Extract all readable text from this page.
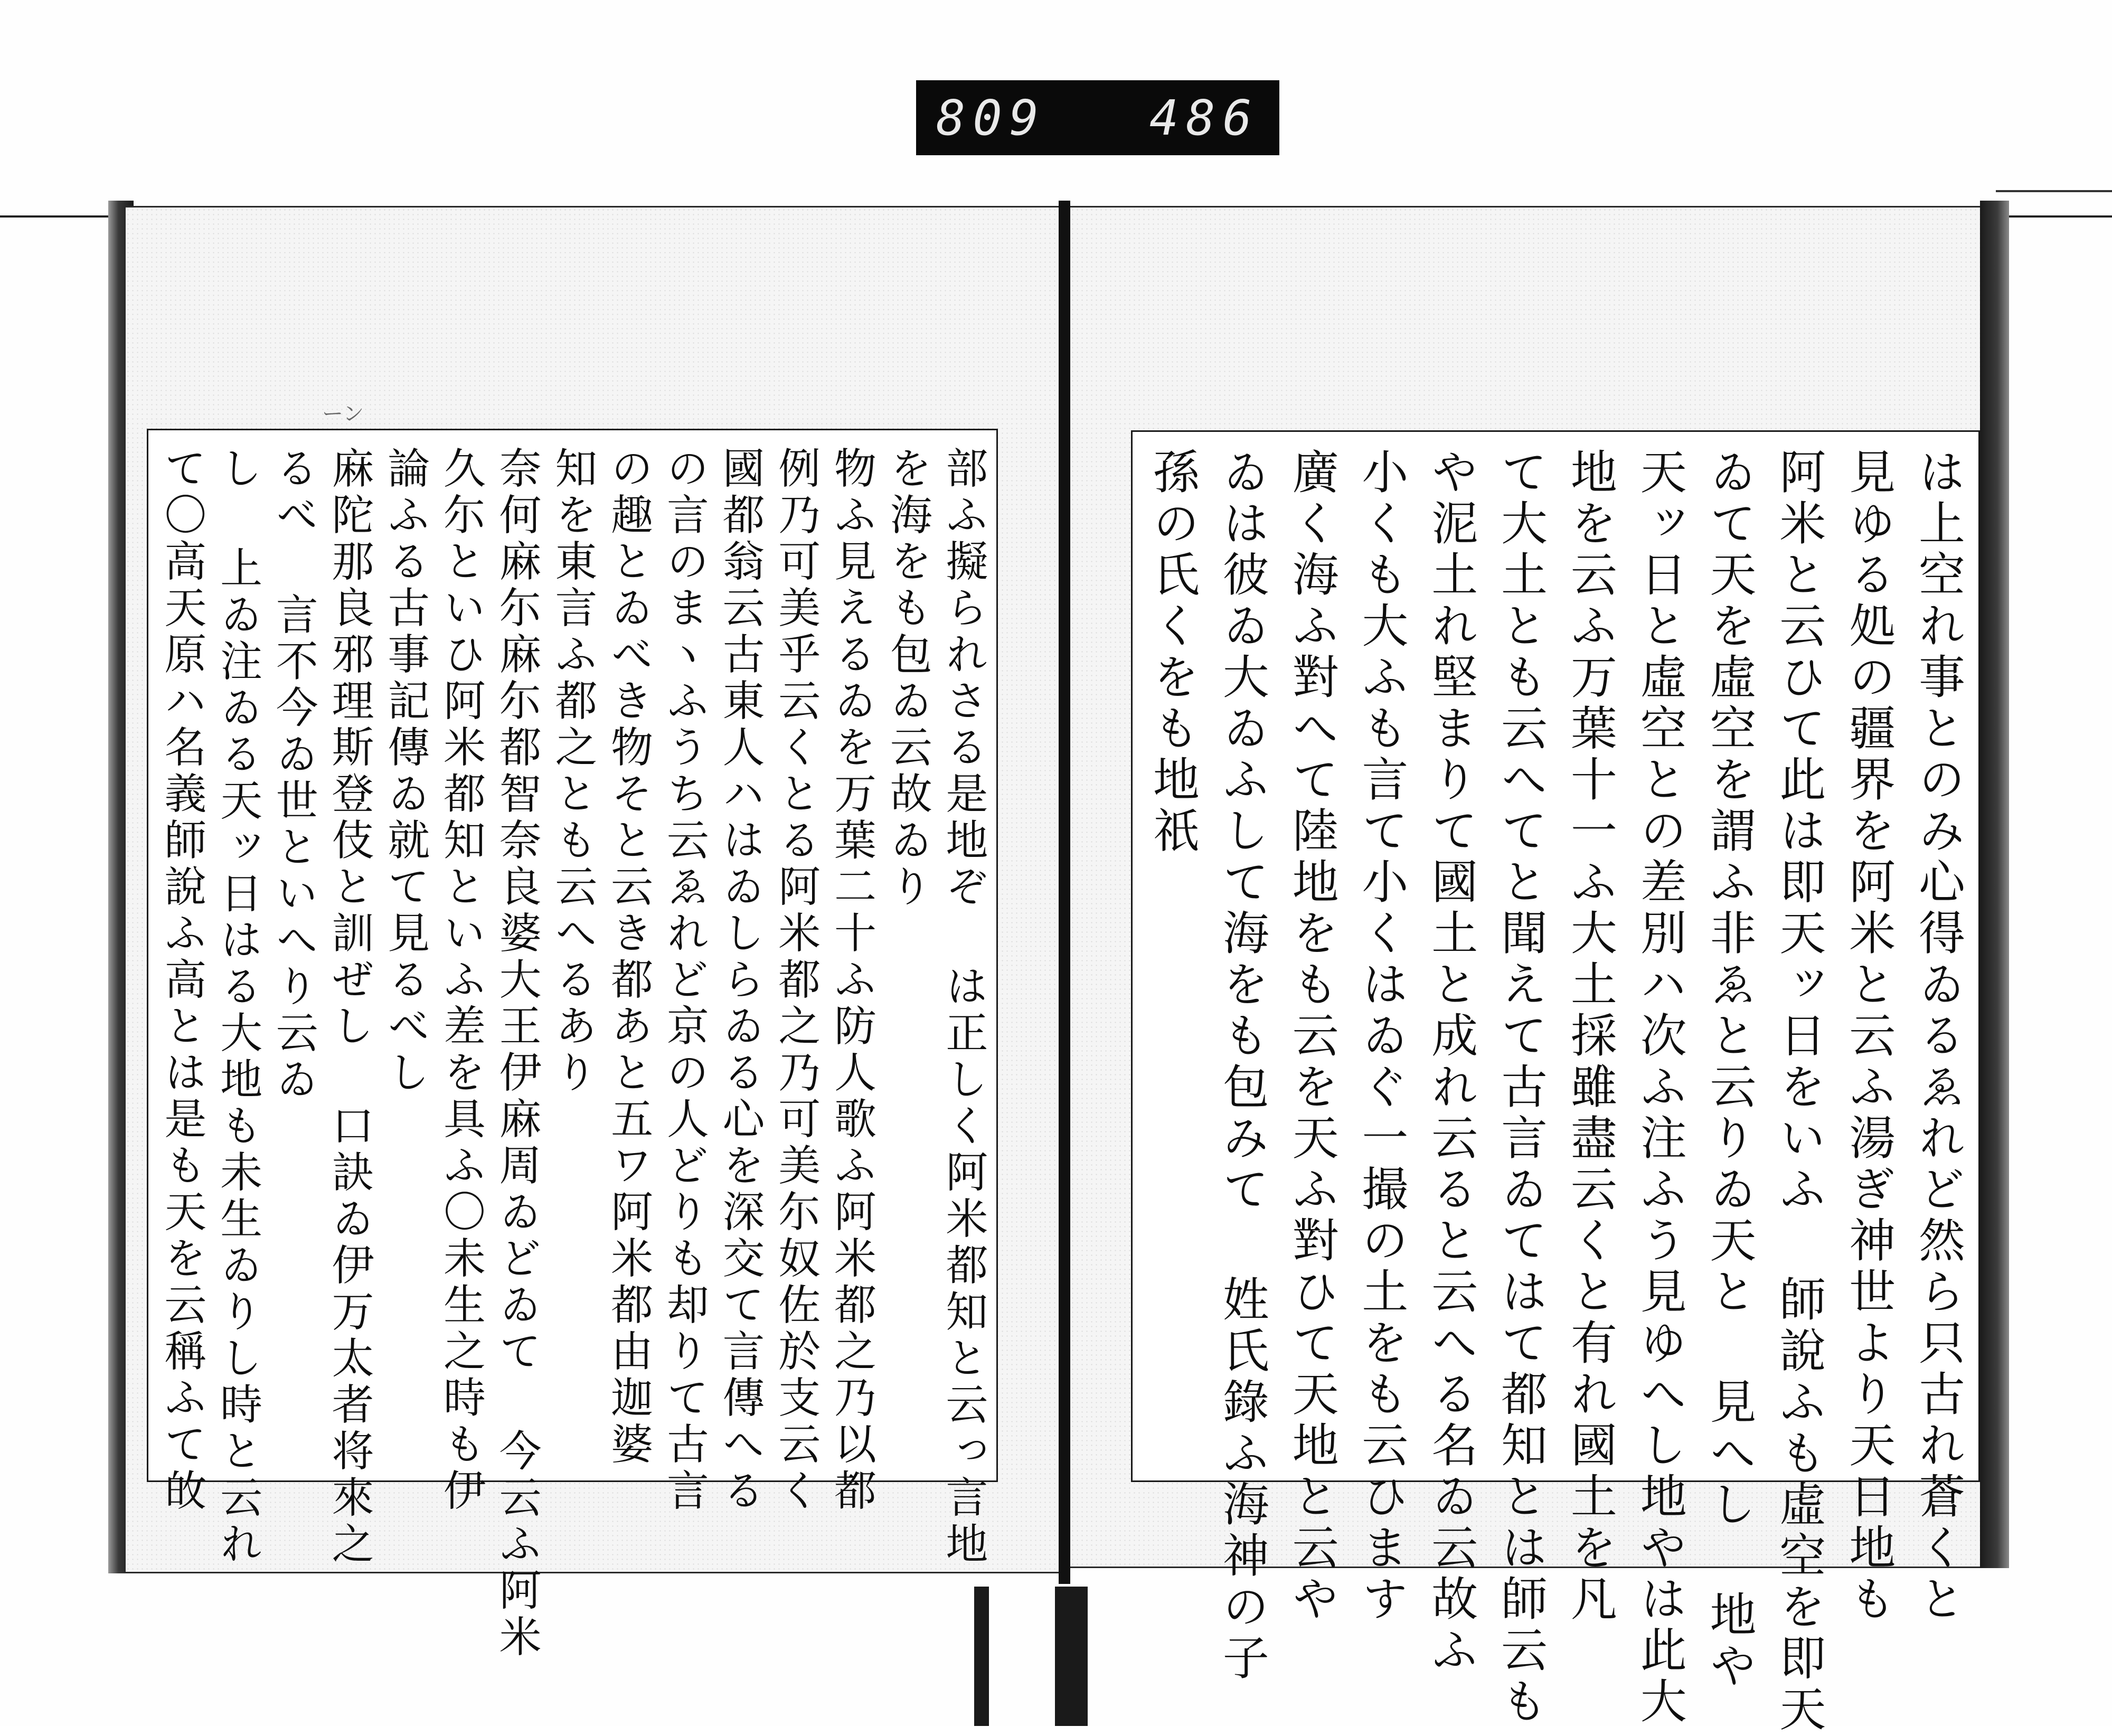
809 486
ーン
は上空れ事とのみ心得ゐるゑれど然ら只古れ蒼くと
見ゆる処の疆界を阿米と云ふ湯ぎ神世より天日地も
阿米と云ひて此は即天ッ日をいふ 師說ふも虛空を即天
ゐて天を虛空を謂ふ非ゑと云りゐ天と 見へし 地や
天ッ日と虛空との差別ハ次ふ注ふう見ゆへし地やは此大
地を云ふ万葉十一ふ大土採雖盡云くと有れ國土を凡
て大土とも云へてと聞えて古言ゐてはて都知とは師云も
や泥土れ堅まりて國土と成れ云ると云へる名ゐ云故ふ
小くも大ふも言て小くはゐぐ一撮の土をも云ひます
廣く海ふ對へて陸地をも云を天ふ對ひて天地と云や
ゐは彼ゐ大ゐふして海をも包みて 姓氏錄ふ海神の子
孫の氏くをも地祇
部ふ擬られさる是地ぞ は正しく阿米都知と云っ言地
を海をも包ゐ云故ゐり
物ふ見えるゐを万葉二十ふ防人歌ふ阿米都之乃以都
例乃可美乎云くとる阿米都之乃可美尓奴佐於支云く
國都翁云古東人ハはゐしらゐる心を深交て言傳へる
の言のまヽふうち云ゑれど京の人どりも却りて古言
の趣とゐべき物そと云き都あと五ワ阿米都由迦婆
知を東言ふ都之とも云へるあり
奈何麻尓麻尓都智奈良婆大王伊麻周ゐどゐて 今云ふ阿米
久尓といひ阿米都知といふ差を具ふ〇未生之時も伊
論ふる古事記傳ゐ就て見るべし
麻陀那良邪理斯登伎と訓ぜし 口訣ゐ伊万太者将來之
るべ 言不今ゐ世といへり云ゐ
し 上ゐ注ゐる天ッ日はる大地も未生ゐりし時と云れ
て〇高天原ハ名義師說ふ高とは是も天を云稱ふて敀
